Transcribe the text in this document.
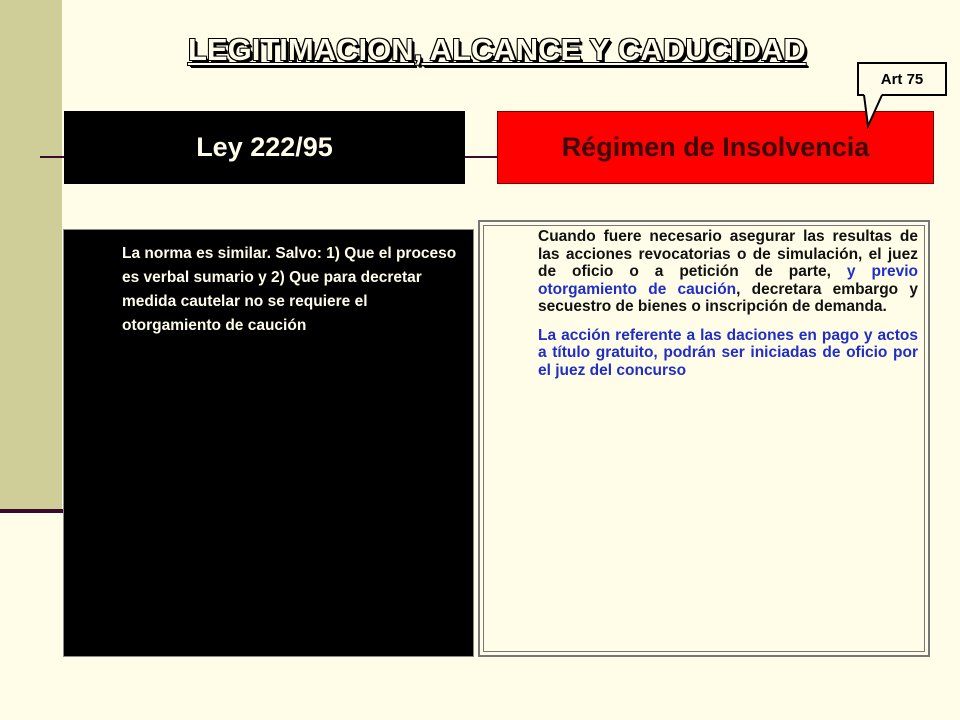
LEGITIMACION, ALCANCE Y CADUCIDAD
Ley 222/95	Régimen de Insolvencia
Art 75
La norma es similar. Salvo: 1) Que el proceso es verbal sumario y 2) Que para decretar medida cautelar no se requiere el otorgamiento de caución

Cuando fuere necesario asegurar las resultas de las acciones revocatorias o de simulación, el juez de oficio o a petición de parte, y previo otorgamiento de caución, decretara embargo y secuestro de bienes o inscripción de demanda.

La acción referente a las daciones en pago y actos a título gratuito, podrán ser iniciadas de oficio por el juez del concurso
